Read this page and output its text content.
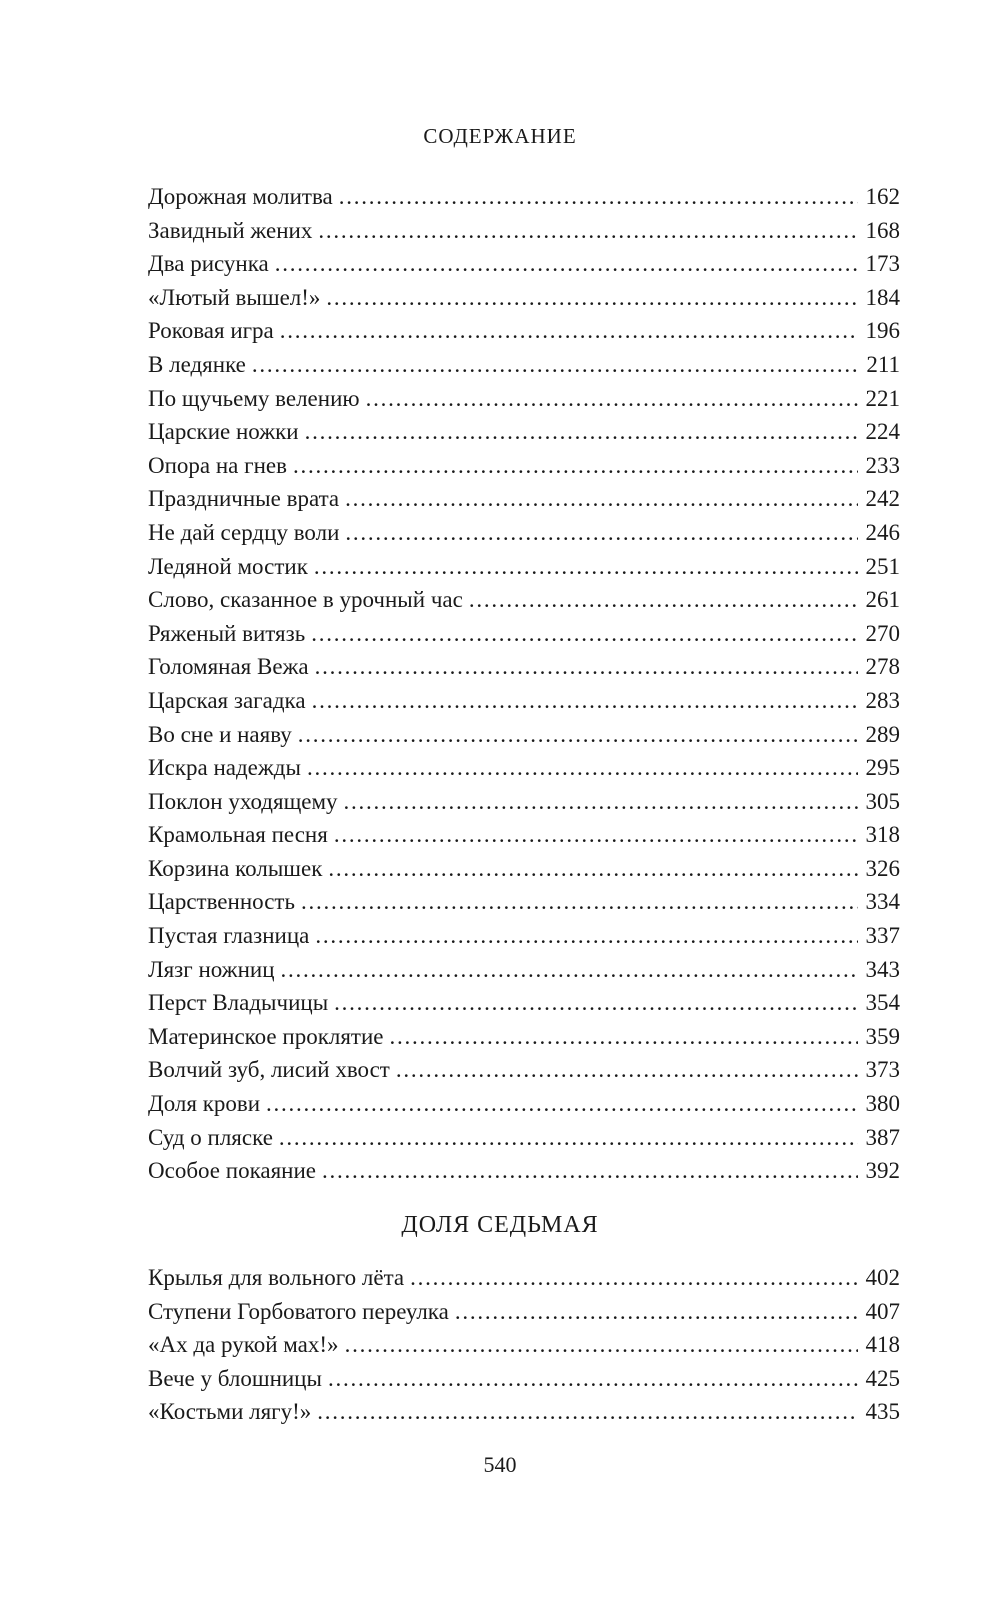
СОДЕРЖАНИЕ
Дорожная молитва . . .	162
Завидный жених . . .	168
Два рисунка . . .	173
«Лютый вышел!» . . .	184
Роковая игра . . .	196
В ледянке . . .	211
По щучьему велению . . .	221
Царские ножки . . .	224
Опора на гнев . . .	233
Праздничные врата . . .	242
Не дай сердцу воли . . .	246
Ледяной мостик . . .	251
Слово, сказанное в урочный час . . .	261
Ряженый витязь . . .	270
Голомяная Вежа . . .	278
Царская загадка . . .	283
Во сне и наяву . . .	289
Искра надежды . . .	295
Поклон уходящему . . .	305
Крамольная песня . . .	318
Корзина колышек . . .	326
Царственность . . .	334
Пустая глазница . . .	337
Лязг ножниц . . .	343
Перст Владычицы . . .	354
Материнское проклятие . . .	359
Волчий зуб, лисий хвост . . .	373
Доля крови . . .	380
Суд о пляске . . .	387
Особое покаяние . . .	392
ДОЛЯ СЕДЬМАЯ
Крылья для вольного лёта . . .	402
Ступени Горбоватого переулка . . .	407
«Ах да рукой мах!» . . .	418
Вече у блошницы . . .	425
«Костьми лягу!» . . .	435
540
